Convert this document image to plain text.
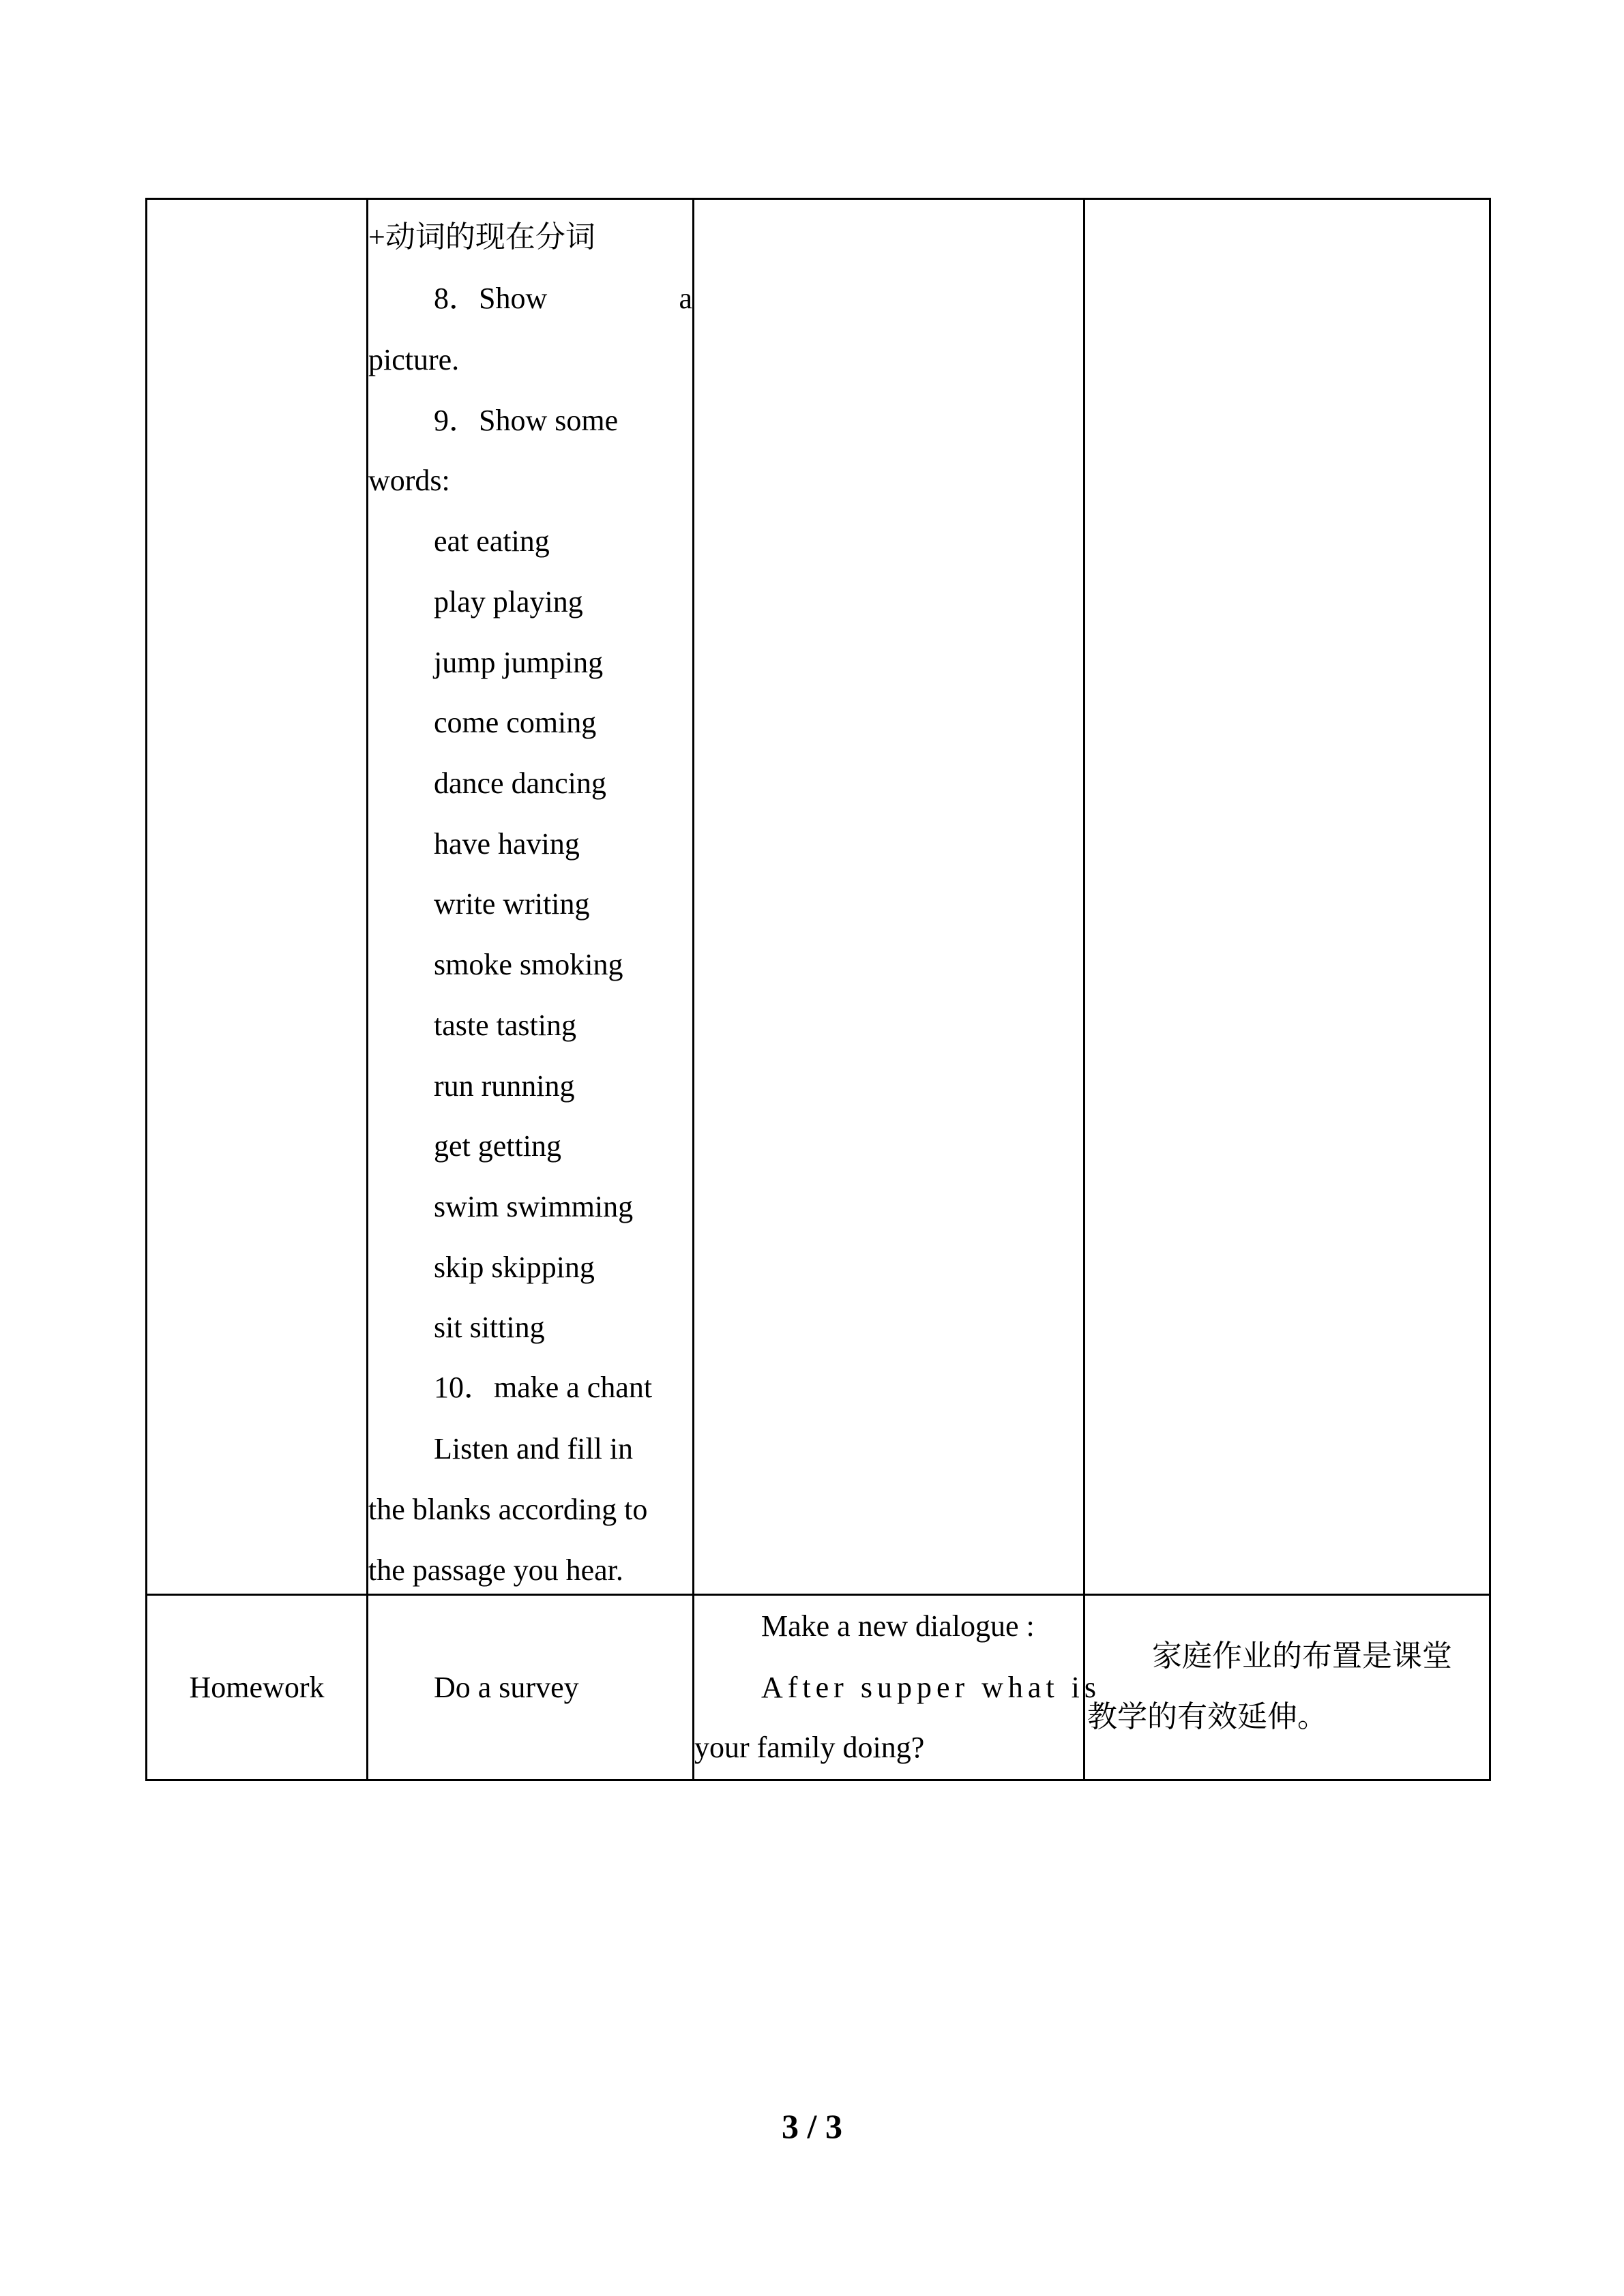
+动词的现在分词
8．Show	a
picture.
9．Show some
words:
eat eating
play playing
jump jumping
come coming
dance dancing
have having
write writing
smoke smoking
taste tasting
run running
get getting
swim swimming
skip skipping
sit sitting
10．make a chant
Listen and fill in
the blanks according to
the passage you hear.
Homework	Do a survey
Make a new dialogue :
After supper what is
your family doing?
家庭作业的布置是课堂
教学的有效延伸。
3 / 3
